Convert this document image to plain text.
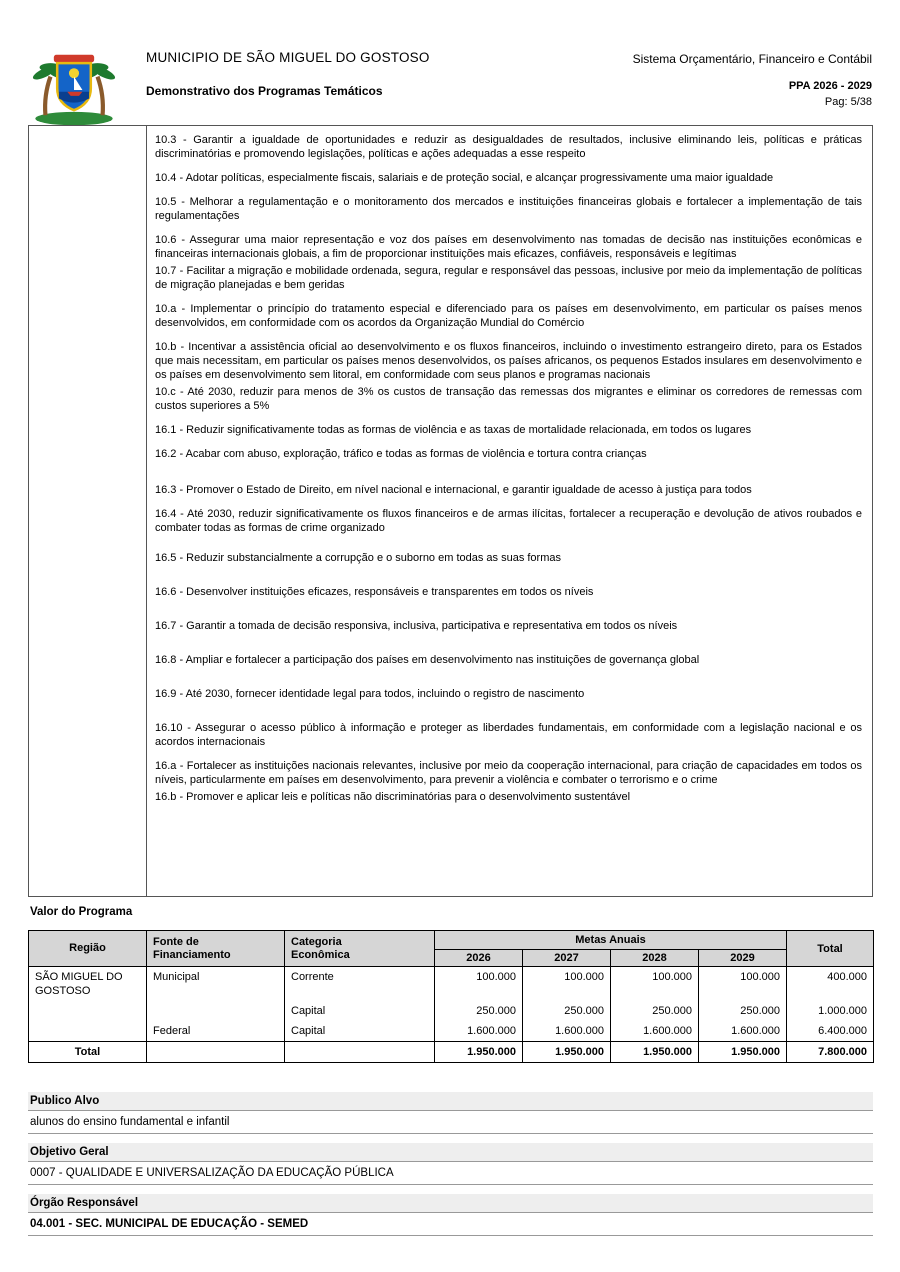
MUNICIPIO DE SÃO MIGUEL DO GOSTOSO	Sistema Orçamentário, Financeiro e Contábil
Demonstrativo dos Programas Temáticos	PPA 2026 - 2029
Pag: 5/38

10.3 - Garantir a igualdade de oportunidades e reduzir as desigualdades de resultados, inclusive eliminando leis, políticas e práticas discriminatórias e promovendo legislações, políticas e ações adequadas a esse respeito

10.4 - Adotar políticas, especialmente fiscais, salariais e de proteção social, e alcançar progressivamente uma maior igualdade

10.5 - Melhorar a regulamentação e o monitoramento dos mercados e instituições financeiras globais e fortalecer a implementação de tais regulamentações

10.6 - Assegurar uma maior representação e voz dos países em desenvolvimento nas tomadas de decisão nas instituições econômicas e financeiras internacionais globais, a fim de proporcionar instituições mais eficazes, confiáveis, responsáveis e legítimas

10.7 - Facilitar a migração e mobilidade ordenada, segura, regular e responsável das pessoas, inclusive por meio da implementação de políticas de migração planejadas e bem geridas

10.a - Implementar o princípio do tratamento especial e diferenciado para os países em desenvolvimento, em particular os países menos desenvolvidos, em conformidade com os acordos da Organização Mundial do Comércio

10.b - Incentivar a assistência oficial ao desenvolvimento e os fluxos financeiros, incluindo o investimento estrangeiro direto, para os Estados que mais necessitam, em particular os países menos desenvolvidos, os países africanos, os pequenos Estados insulares em desenvolvimento e os países em desenvolvimento sem litoral, em conformidade com seus planos e programas nacionais

10.c - Até 2030, reduzir para menos de 3% os custos de transação das remessas dos migrantes e eliminar os corredores de remessas com custos superiores a 5%

16.1 - Reduzir significativamente todas as formas de violência e as taxas de mortalidade relacionada, em todos os lugares

16.2 - Acabar com abuso, exploração, tráfico e todas as formas de violência e tortura contra crianças

16.3 - Promover o Estado de Direito, em nível nacional e internacional, e garantir igualdade de acesso à justiça para todos

16.4 - Até 2030, reduzir significativamente os fluxos financeiros e de armas ilícitas, fortalecer a recuperação e devolução de ativos roubados e combater todas as formas de crime organizado

16.5 - Reduzir substancialmente a corrupção e o suborno em todas as suas formas

16.6 - Desenvolver instituições eficazes, responsáveis e transparentes em todos os níveis

16.7 - Garantir a tomada de decisão responsiva, inclusiva, participativa e representativa em todos os níveis

16.8 - Ampliar e fortalecer a participação dos países em desenvolvimento nas instituições de governança global

16.9 - Até 2030, fornecer identidade legal para todos, incluindo o registro de nascimento

16.10 - Assegurar o acesso público à informação e proteger as liberdades fundamentais, em conformidade com a legislação nacional e os acordos internacionais

16.a - Fortalecer as instituições nacionais relevantes, inclusive por meio da cooperação internacional, para criação de capacidades em todos os níveis, particularmente em países em desenvolvimento, para prevenir a violência e combater o terrorismo e o crime

16.b - Promover e aplicar leis e políticas não discriminatórias para o desenvolvimento sustentável

Valor do Programa
Região	Fonte de Financiamento	Categoria Econômica	Metas Anuais				Total
			2026	2027	2028	2029	
SÃO MIGUEL DO GOSTOSO	Municipal	Corrente	100.000	100.000	100.000	100.000	400.000
		Capital	250.000	250.000	250.000	250.000	1.000.000
	Federal	Capital	1.600.000	1.600.000	1.600.000	1.600.000	6.400.000
Total			1.950.000	1.950.000	1.950.000	1.950.000	7.800.000
Publico Alvo
alunos do ensino fundamental e infantil
Objetivo Geral
0007 - QUALIDADE E UNIVERSALIZAÇÃO DA EDUCAÇÃO PÚBLICA
Órgão Responsável
04.001 - SEC. MUNICIPAL DE EDUCAÇÃO - SEMED
